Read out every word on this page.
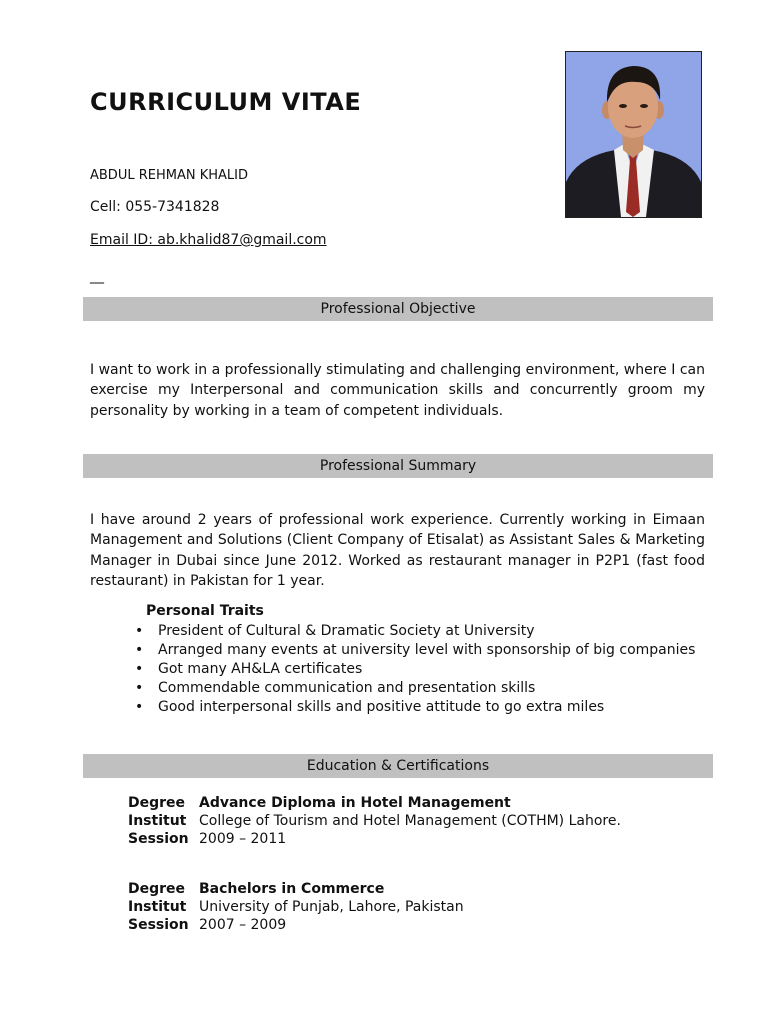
CURRICULUM VITAE
ABDUL REHMAN KHALID
Cell: 055-7341828
Email ID: ab.khalid87@gmail.com
__
Professional Objective
I want to work in a professionally stimulating and challenging environment, where I can exercise my Interpersonal and communication skills and concurrently groom my personality by working in a team of competent individuals.
Professional Summary
I have around 2 years of professional work experience. Currently working in Eimaan Management and Solutions (Client Company of Etisalat) as Assistant Sales & Marketing Manager in Dubai since June 2012. Worked as restaurant manager in P2P1 (fast food restaurant) in Pakistan for 1 year.
Personal Traits
• President of Cultural & Dramatic Society at University
• Arranged many events at university level with sponsorship of big companies
• Got many AH&LA certificates
• Commendable communication and presentation skills
• Good interpersonal skills and positive attitude to go extra miles
Education & Certifications
Degree Advance Diploma in Hotel Management
Institut College of Tourism and Hotel Management (COTHM) Lahore.
Session 2009 – 2011
Degree Bachelors in Commerce
Institut University of Punjab, Lahore, Pakistan
Session 2007 – 2009
